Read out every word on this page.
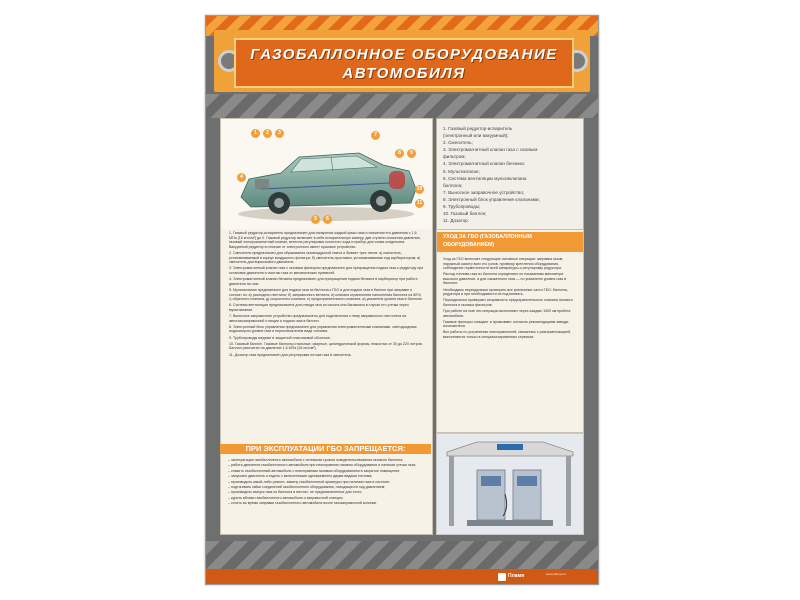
ГАЗОБАЛЛОННОЕ ОБОРУДОВАНИЕ
АВТОМОБИЛЯ
1	2	3
4
5	6
7
8	9
10
11

1. Газовый редуктор-испаритель предназначен для испарения жидкой фазы газа и снижения его давления с 1,6 МПа (16 кгс/см²) до 0. Газовый редуктор включает в себя испарительную камеру, две ступени снижения давления, газовый электромагнитный клапан, вентиль регулировки холостого хода и прибор для слива конденсата. Вакуумный редуктор в отличие от электронного имеет пусковое устройство.

2. Смеситель предназначен для образования газовоздушной смеси и бывает трех типов: а) смеситель, устанавливаемый в корпус воздушного фильтра; б) смеситель-проставка, устанавливаемая под карбюратором; в) смеситель для впрыскового двигателя.

3. Электромагнитный клапан газа с газовым фильтром предназначен для прекращения подачи газа к редуктору при остановке двигателя и очистки газа от механических примесей.

4. Электромагнитный клапан бензина предназначен для прекращения подачи бензина в карбюратор при работе двигателя на газе.

5. Мультиклапан предназначен для подачи газа из баллона к ГБО и для подачи газа в баллон при заправке и состоит из: а) расходного вентиля; б) заправочного вентиля; в) клапана ограничения наполнения баллона на 80%; г) обратного клапана; д) скоростного клапана; е) предохранительного клапана; ж) указателя уровня газа в баллоне.

6. Система вентиляции предназначена для отвода газа из салона или багажника в случае его утечки через мультиклапан.

7. Выносное заправочное устройство предназначено для подключения к нему заправочного пистолета на автогазозаправочной станции и подачи газа в баллон.

8. Электронный блок управления предназначен для управления электромагнитными клапанами, светодиодным индикатором уровня газа и переключателем вида топлива.

9. Трубопроводы медные в защитной пластиковой оболочке.

10. Газовый баллон. Газовые баллоны стальные, сварные, цилиндрической формы, емкостью от 30 до 220 литров. Баллон рассчитан на давление 1,6 МПа (16 кгс/см²).

11. Дозатор газа предназначен для регулировки потока газа в смеситель.

ПРИ ЭКСПЛУАТАЦИИ ГБО ЗАПРЕЩАЕТСЯ:
– эксплуатация газобаллонного автомобиля с истекшим сроком освидетельствования газового баллона;
– работа двигателя газобаллонного автомобиля при неисправном газовом оборудовании и наличии утечки газа;
– ставить газобаллонный автомобиль с неисправным газовым оборудованием в закрытое помещение;
– запускать двигатель и ездить с включенными одновременно двумя видами топлива;
– производить какой-либо ремонт, замену газобаллонной арматуры при наличии газа в системе;
– подтягивать гайки соединений газобаллонного оборудования, находящихся под давлением;
– производить выпуск газа из баллона в местах, не предназначенных для этого;
– курить вблизи газобаллонного автомобиля и заправочной станции;
– стоять во время заправки газобаллонного автомобиля возле газозаправочной колонки.
1. Газовый редуктор-испаритель
(электронный или вакуумный);
2. Смеситель;
3. Электромагнитный клапан газа с газовым
фильтром;
4. Электромагнитный клапан бензина;
5. Мультиклапан;
6. Система вентиляции мультиклапана
баллона;
7. Выносное заправочное устройство;
8. Электронный блок управления клапанами;
9. Трубопроводы;
10. Газовый баллон;
11. Дозатор.
УХОД ЗА ГБО (ГАЗОБАЛЛОННЫМ ОБОРУДОВАНИЕМ)

Уход за ГБО включает следующие основные операции: заправка газом, наружный осмотр всех его узлов, проверку крепления оборудования, соблюдение герметичности всей аппаратуры и регулировку редуктора.

Расход топлива газа из баллона определяют по показаниям манометра высокого давления, а для сжиженного газа — по указателю уровня газа в баллоне.

Необходимо периодически проверять все крепежные части ГБО: баллона, редуктора и при необходимости их подтягивать.

Периодически проверяют исправность предохранительного клапана газового баллона и газовых фильтров.

При работе на газе эти операции выполняют через каждые 1500 км пробега автомобиля.

Газовые фильтры очищают и промывают согласно рекомендациям завода-изготовителя.

Все работы по устранению неисправностей, связанных с разгерметизацией, выполняются только в специализированных сервисах.

Пламя	www.plamya.ru
